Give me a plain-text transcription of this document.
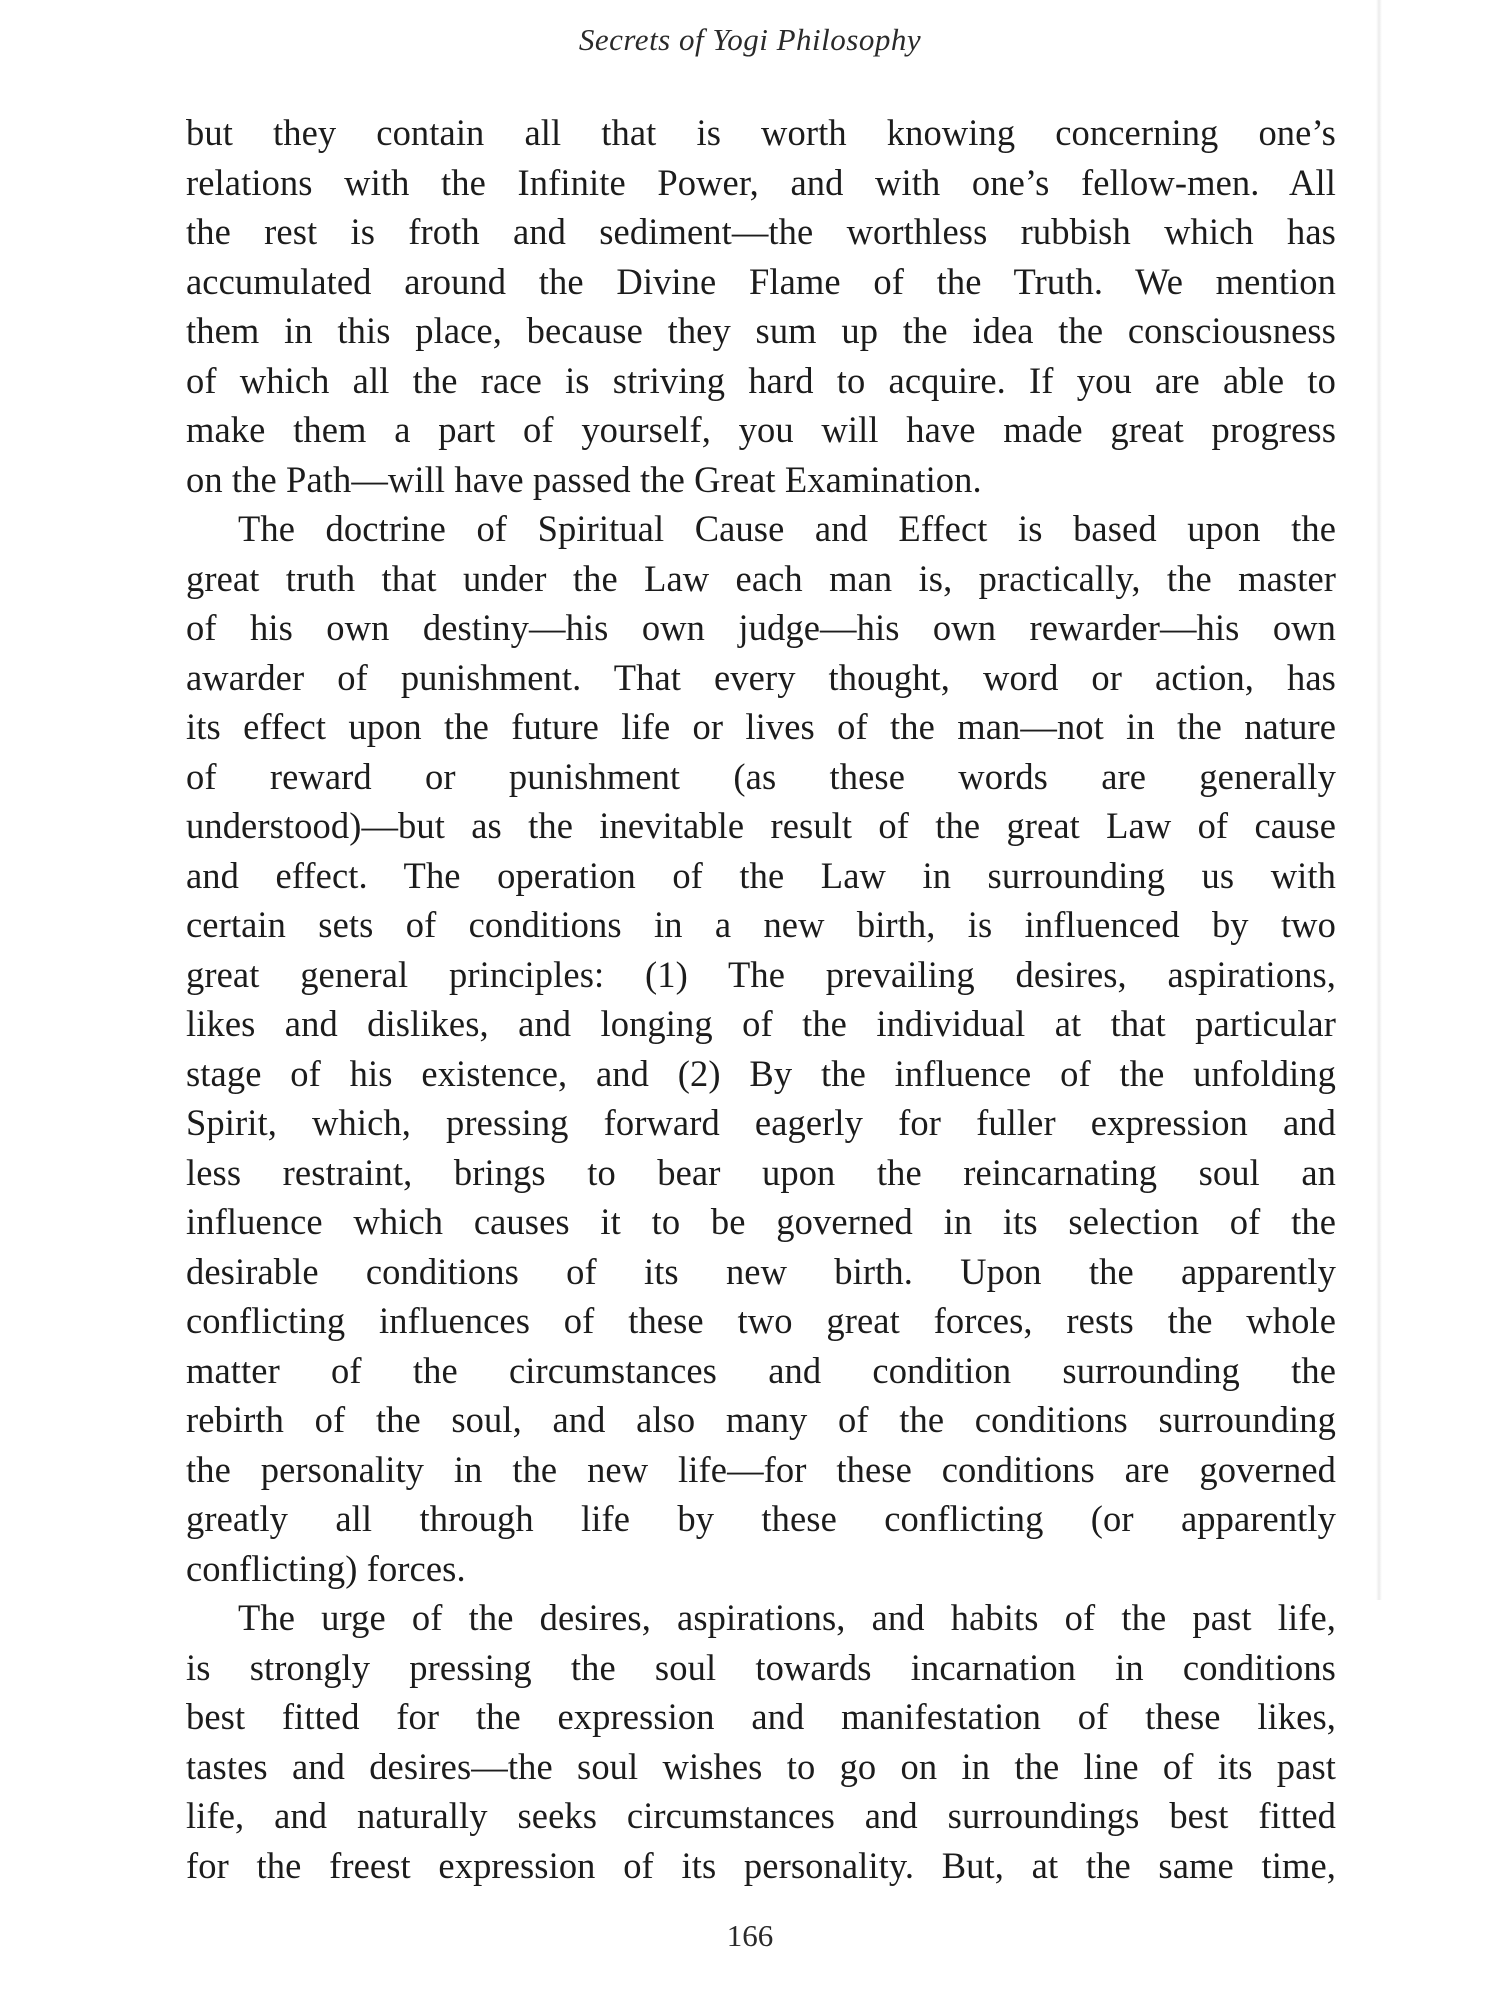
Secrets of Yogi Philosophy
but they contain all that is worth knowing concerning one’s
relations with the Infinite Power, and with one’s fellow-men. All
the rest is froth and sediment—the worthless rubbish which has
accumulated around the Divine Flame of the Truth. We mention
them in this place, because they sum up the idea the consciousness
of which all the race is striving hard to acquire. If you are able to
make them a part of yourself, you will have made great progress
on the Path—will have passed the Great Examination.
The doctrine of Spiritual Cause and Effect is based upon the
great truth that under the Law each man is, practically, the master
of his own destiny—his own judge—his own rewarder—his own
awarder of punishment. That every thought, word or action, has
its effect upon the future life or lives of the man—not in the nature
of reward or punishment (as these words are generally
understood)—but as the inevitable result of the great Law of cause
and effect. The operation of the Law in surrounding us with
certain sets of conditions in a new birth, is influenced by two
great general principles: (1) The prevailing desires, aspirations,
likes and dislikes, and longing of the individual at that particular
stage of his existence, and (2) By the influence of the unfolding
Spirit, which, pressing forward eagerly for fuller expression and
less restraint, brings to bear upon the reincarnating soul an
influence which causes it to be governed in its selection of the
desirable conditions of its new birth. Upon the apparently
conflicting influences of these two great forces, rests the whole
matter of the circumstances and condition surrounding the
rebirth of the soul, and also many of the conditions surrounding
the personality in the new life—for these conditions are governed
greatly all through life by these conflicting (or apparently
conflicting) forces.
The urge of the desires, aspirations, and habits of the past life,
is strongly pressing the soul towards incarnation in conditions
best fitted for the expression and manifestation of these likes,
tastes and desires—the soul wishes to go on in the line of its past
life, and naturally seeks circumstances and surroundings best fitted
for the freest expression of its personality. But, at the same time,
166
